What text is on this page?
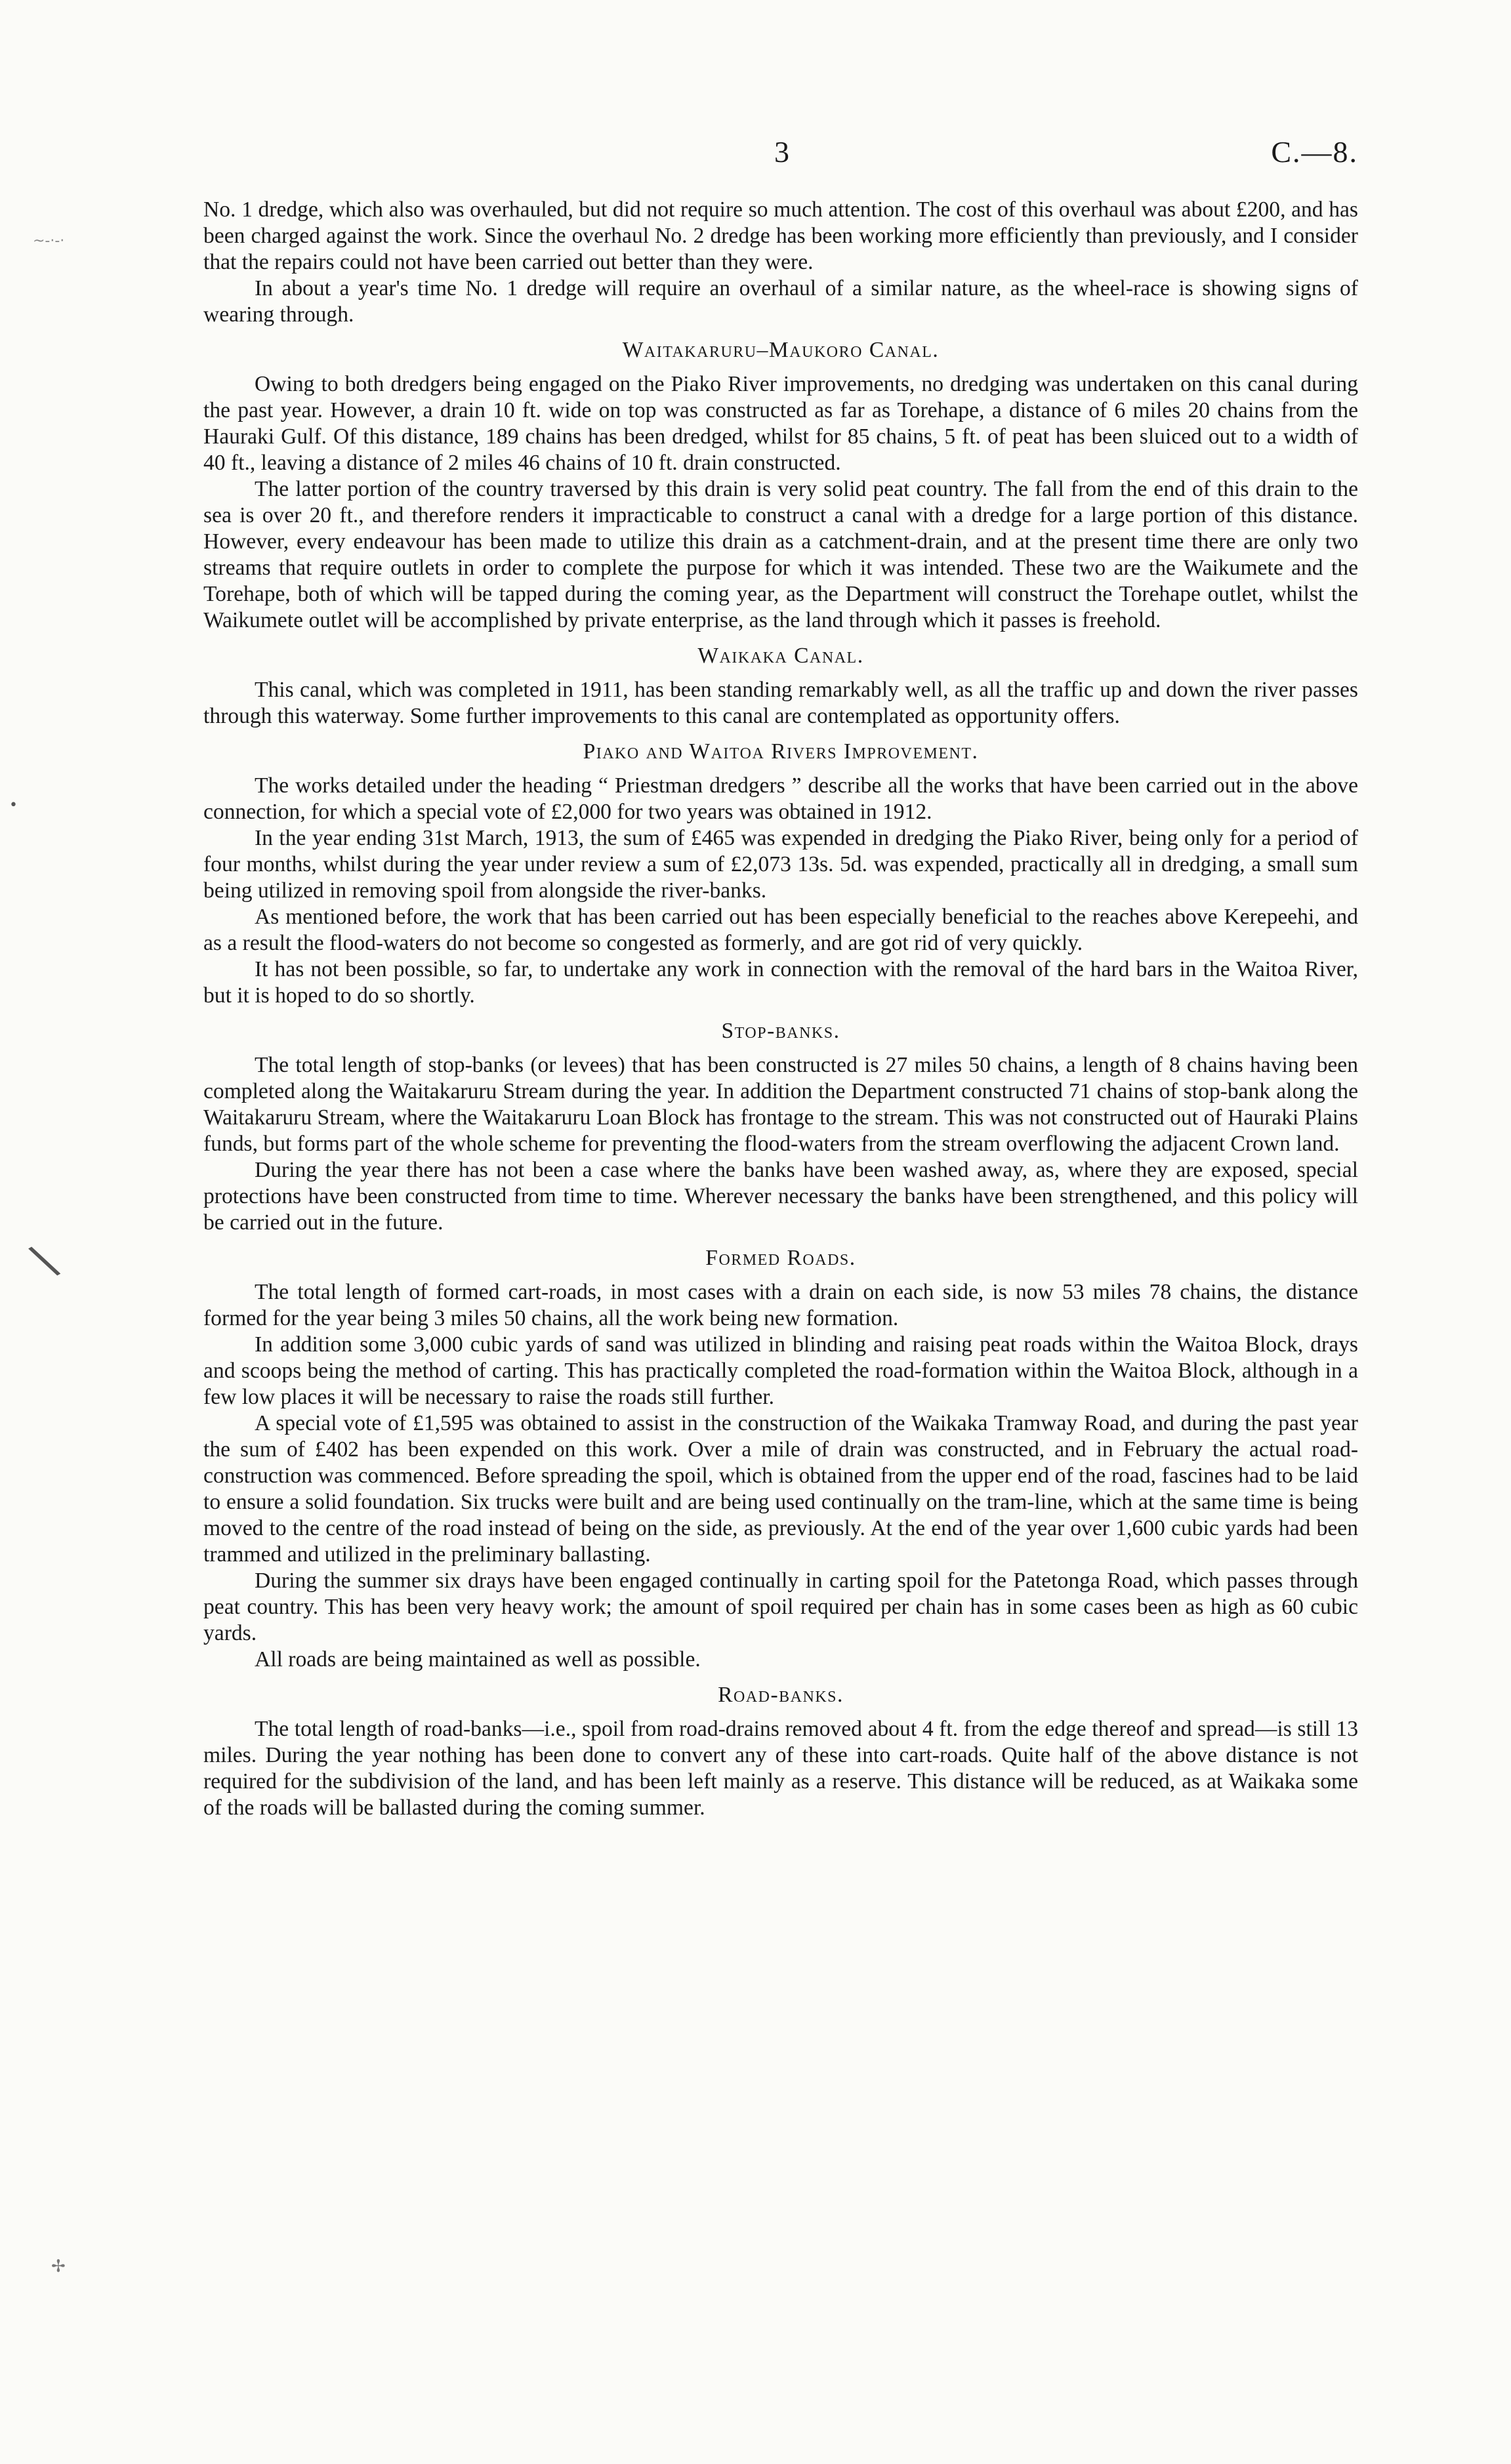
~-·-·
•
\
✢
3	C.—8.

No. 1 dredge, which also was overhauled, but did not require so much attention. The cost of this overhaul was about £200, and has been charged against the work. Since the overhaul No. 2 dredge has been working more efficiently than previously, and I consider that the repairs could not have been carried out better than they were.

In about a year's time No. 1 dredge will require an overhaul of a similar nature, as the wheel-race is showing signs of wearing through.

Waitakaruru–Maukoro Canal.

Owing to both dredgers being engaged on the Piako River improvements, no dredging was undertaken on this canal during the past year. However, a drain 10 ft. wide on top was constructed as far as Torehape, a distance of 6 miles 20 chains from the Hauraki Gulf. Of this distance, 189 chains has been dredged, whilst for 85 chains, 5 ft. of peat has been sluiced out to a width of 40 ft., leaving a distance of 2 miles 46 chains of 10 ft. drain constructed.

The latter portion of the country traversed by this drain is very solid peat country. The fall from the end of this drain to the sea is over 20 ft., and therefore renders it impracticable to construct a canal with a dredge for a large portion of this distance. However, every endeavour has been made to utilize this drain as a catchment-drain, and at the present time there are only two streams that require outlets in order to complete the purpose for which it was intended. These two are the Waikumete and the Torehape, both of which will be tapped during the coming year, as the Department will construct the Torehape outlet, whilst the Waikumete outlet will be accomplished by private enterprise, as the land through which it passes is freehold.

Waikaka Canal.

This canal, which was completed in 1911, has been standing remarkably well, as all the traffic up and down the river passes through this waterway. Some further improvements to this canal are contemplated as opportunity offers.

Piako and Waitoa Rivers Improvement.

The works detailed under the heading “ Priestman dredgers ” describe all the works that have been carried out in the above connection, for which a special vote of £2,000 for two years was obtained in 1912.

In the year ending 31st March, 1913, the sum of £465 was expended in dredging the Piako River, being only for a period of four months, whilst during the year under review a sum of £2,073 13s. 5d. was expended, practically all in dredging, a small sum being utilized in removing spoil from alongside the river-banks.

As mentioned before, the work that has been carried out has been especially beneficial to the reaches above Kerepeehi, and as a result the flood-waters do not become so congested as formerly, and are got rid of very quickly.

It has not been possible, so far, to undertake any work in connection with the removal of the hard bars in the Waitoa River, but it is hoped to do so shortly.

Stop-banks.

The total length of stop-banks (or levees) that has been constructed is 27 miles 50 chains, a length of 8 chains having been completed along the Waitakaruru Stream during the year. In addition the Department constructed 71 chains of stop-bank along the Waitakaruru Stream, where the Waitakaruru Loan Block has frontage to the stream. This was not constructed out of Hauraki Plains funds, but forms part of the whole scheme for preventing the flood-waters from the stream overflowing the adjacent Crown land.

During the year there has not been a case where the banks have been washed away, as, where they are exposed, special protections have been constructed from time to time. Wherever necessary the banks have been strengthened, and this policy will be carried out in the future.

Formed Roads.

The total length of formed cart-roads, in most cases with a drain on each side, is now 53 miles 78 chains, the distance formed for the year being 3 miles 50 chains, all the work being new formation.

In addition some 3,000 cubic yards of sand was utilized in blinding and raising peat roads within the Waitoa Block, drays and scoops being the method of carting. This has practically completed the road-formation within the Waitoa Block, although in a few low places it will be necessary to raise the roads still further.

A special vote of £1,595 was obtained to assist in the construction of the Waikaka Tramway Road, and during the past year the sum of £402 has been expended on this work. Over a mile of drain was constructed, and in February the actual road-construction was commenced. Before spreading the spoil, which is obtained from the upper end of the road, fascines had to be laid to ensure a solid foundation. Six trucks were built and are being used continually on the tram-line, which at the same time is being moved to the centre of the road instead of being on the side, as previously. At the end of the year over 1,600 cubic yards had been trammed and utilized in the preliminary ballasting.

During the summer six drays have been engaged continually in carting spoil for the Patetonga Road, which passes through peat country. This has been very heavy work; the amount of spoil required per chain has in some cases been as high as 60 cubic yards.

All roads are being maintained as well as possible.

Road-banks.

The total length of road-banks—i.e., spoil from road-drains removed about 4 ft. from the edge thereof and spread—is still 13 miles. During the year nothing has been done to convert any of these into cart-roads. Quite half of the above distance is not required for the subdivision of the land, and has been left mainly as a reserve. This distance will be reduced, as at Waikaka some of the roads will be ballasted during the coming summer.
